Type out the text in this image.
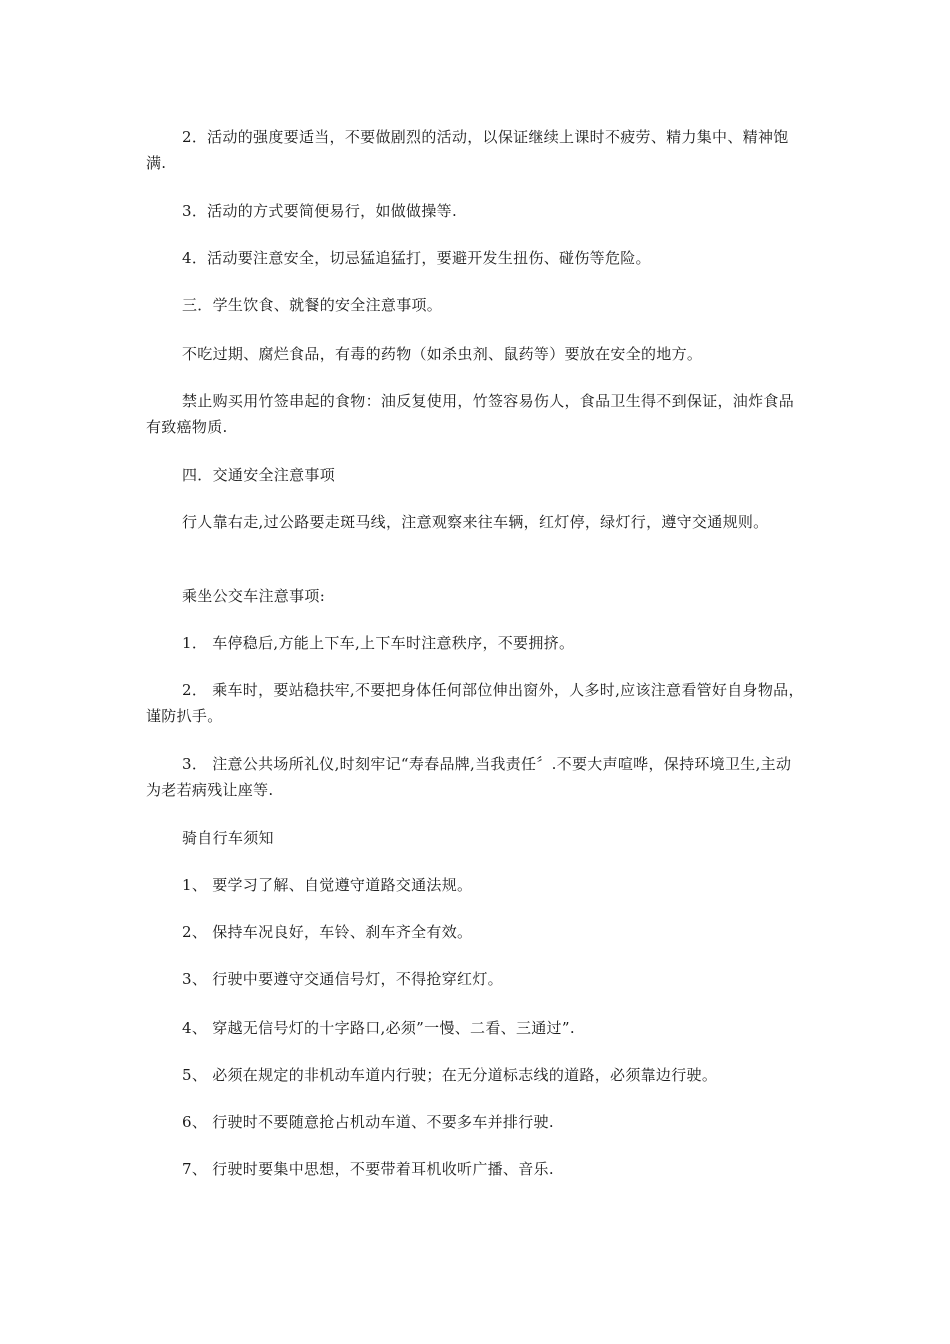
2．活动的强度要适当，不要做剧烈的活动，以保证继续上课时不疲劳、精力集中、精神饱满.

3．活动的方式要简便易行，如做做操等.

4．活动要注意安全，切忌猛追猛打，要避开发生扭伤、碰伤等危险。

三．学生饮食、就餐的安全注意事项。

不吃过期、腐烂食品，有毒的药物（如杀虫剂、鼠药等）要放在安全的地方。

禁止购买用竹签串起的食物：油反复使用，竹签容易伤人，食品卫生得不到保证，油炸食品有致癌物质.

四．交通安全注意事项

行人靠右走,过公路要走斑马线，注意观察来往车辆，红灯停，绿灯行，遵守交通规则。

乘坐公交车注意事项:

1． 车停稳后,方能上下车,上下车时注意秩序，不要拥挤。

2． 乘车时，要站稳扶牢,不要把身体任何部位伸出窗外，人多时,应该注意看管好自身物品，谨防扒手。

3． 注意公共场所礼仪,时刻牢记“寿春品牌,当我责任〞.不要大声喧哗，保持环境卫生,主动为老若病残让座等.

骑自行车须知

1、 要学习了解、自觉遵守道路交通法规。

2、 保持车况良好，车铃、刹车齐全有效。

3、 行驶中要遵守交通信号灯，不得抢穿红灯。

4、 穿越无信号灯的十字路口,必须”一慢、二看、三通过”.

5、 必须在规定的非机动车道内行驶；在无分道标志线的道路，必须靠边行驶。

6、 行驶时不要随意抢占机动车道、不要多车并排行驶.

7、 行驶时要集中思想，不要带着耳机收听广播、音乐.
